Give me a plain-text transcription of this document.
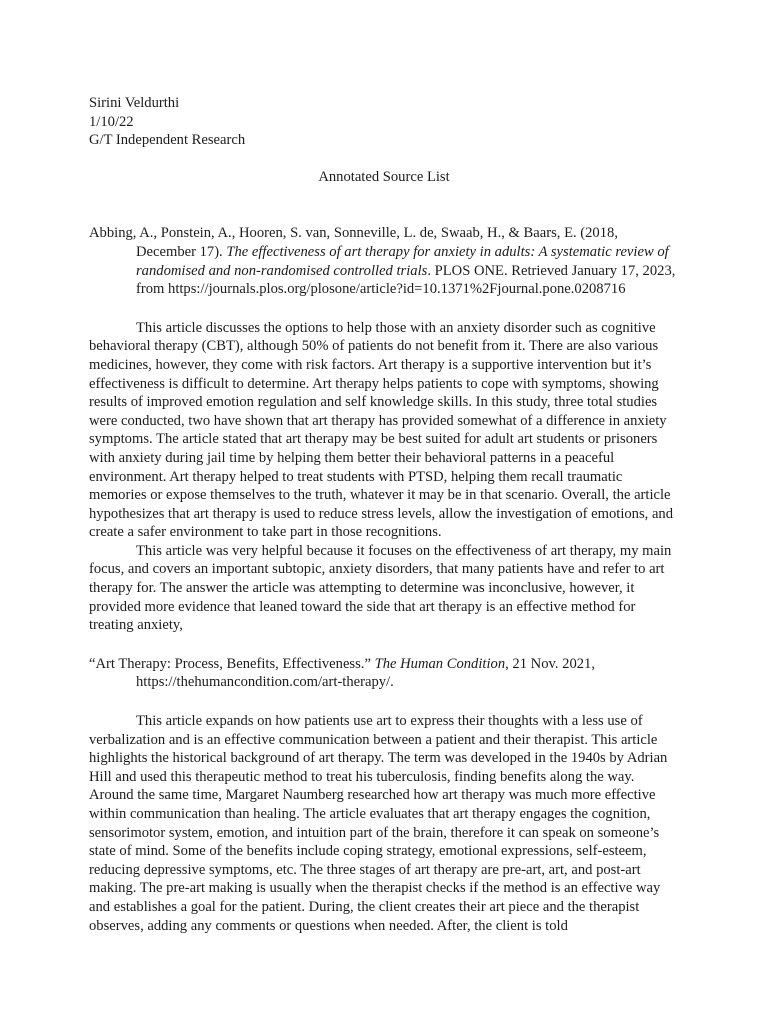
Sirini Veldurthi

1/10/22

G/T Independent Research

Annotated Source List

Abbing, A., Ponstein, A., Hooren, S. van, Sonneville, L. de, Swaab, H., & Baars, E. (2018, December 17). The effectiveness of art therapy for anxiety in adults: A systematic review of randomised and non-randomised controlled trials. PLOS ONE. Retrieved January 17, 2023, from https://journals.plos.org/plosone/article?id=10.1371%2Fjournal.pone.0208716

This article discusses the options to help those with an anxiety disorder such as cognitive behavioral therapy (CBT), although 50% of patients do not benefit from it. There are also various medicines, however, they come with risk factors. Art therapy is a supportive intervention but it’s effectiveness is difficult to determine. Art therapy helps patients to cope with symptoms, showing results of improved emotion regulation and self knowledge skills. In this study, three total studies were conducted, two have shown that art therapy has provided somewhat of a difference in anxiety symptoms. The article stated that art therapy may be best suited for adult art students or prisoners with anxiety during jail time by helping them better their behavioral patterns in a peaceful environment. Art therapy helped to treat students with PTSD, helping them recall traumatic memories or expose themselves to the truth, whatever it may be in that scenario. Overall, the article hypothesizes that art therapy is used to reduce stress levels, allow the investigation of emotions, and create a safer environment to take part in those recognitions.

This article was very helpful because it focuses on the effectiveness of art therapy, my main focus, and covers an important subtopic, anxiety disorders, that many patients have and refer to art therapy for. The answer the article was attempting to determine was inconclusive, however, it provided more evidence that leaned toward the side that art therapy is an effective method for treating anxiety,

“Art Therapy: Process, Benefits, Effectiveness.” The Human Condition, 21 Nov. 2021, https://thehumancondition.com/art-therapy/.

This article expands on how patients use art to express their thoughts with a less use of verbalization and is an effective communication between a patient and their therapist. This article highlights the historical background of art therapy. The term was developed in the 1940s by Adrian Hill and used this therapeutic method to treat his tuberculosis, finding benefits along the way. Around the same time, Margaret Naumberg researched how art therapy was much more effective within communication than healing. The article evaluates that art therapy engages the cognition, sensorimotor system, emotion, and intuition part of the brain, therefore it can speak on someone’s state of mind. Some of the benefits include coping strategy, emotional expressions, self-esteem, reducing depressive symptoms, etc. The three stages of art therapy are pre-art, art, and post-art making. The pre-art making is usually when the therapist checks if the method is an effective way and establishes a goal for the patient. During, the client creates their art piece and the therapist observes, adding any comments or questions when needed. After, the client is told
